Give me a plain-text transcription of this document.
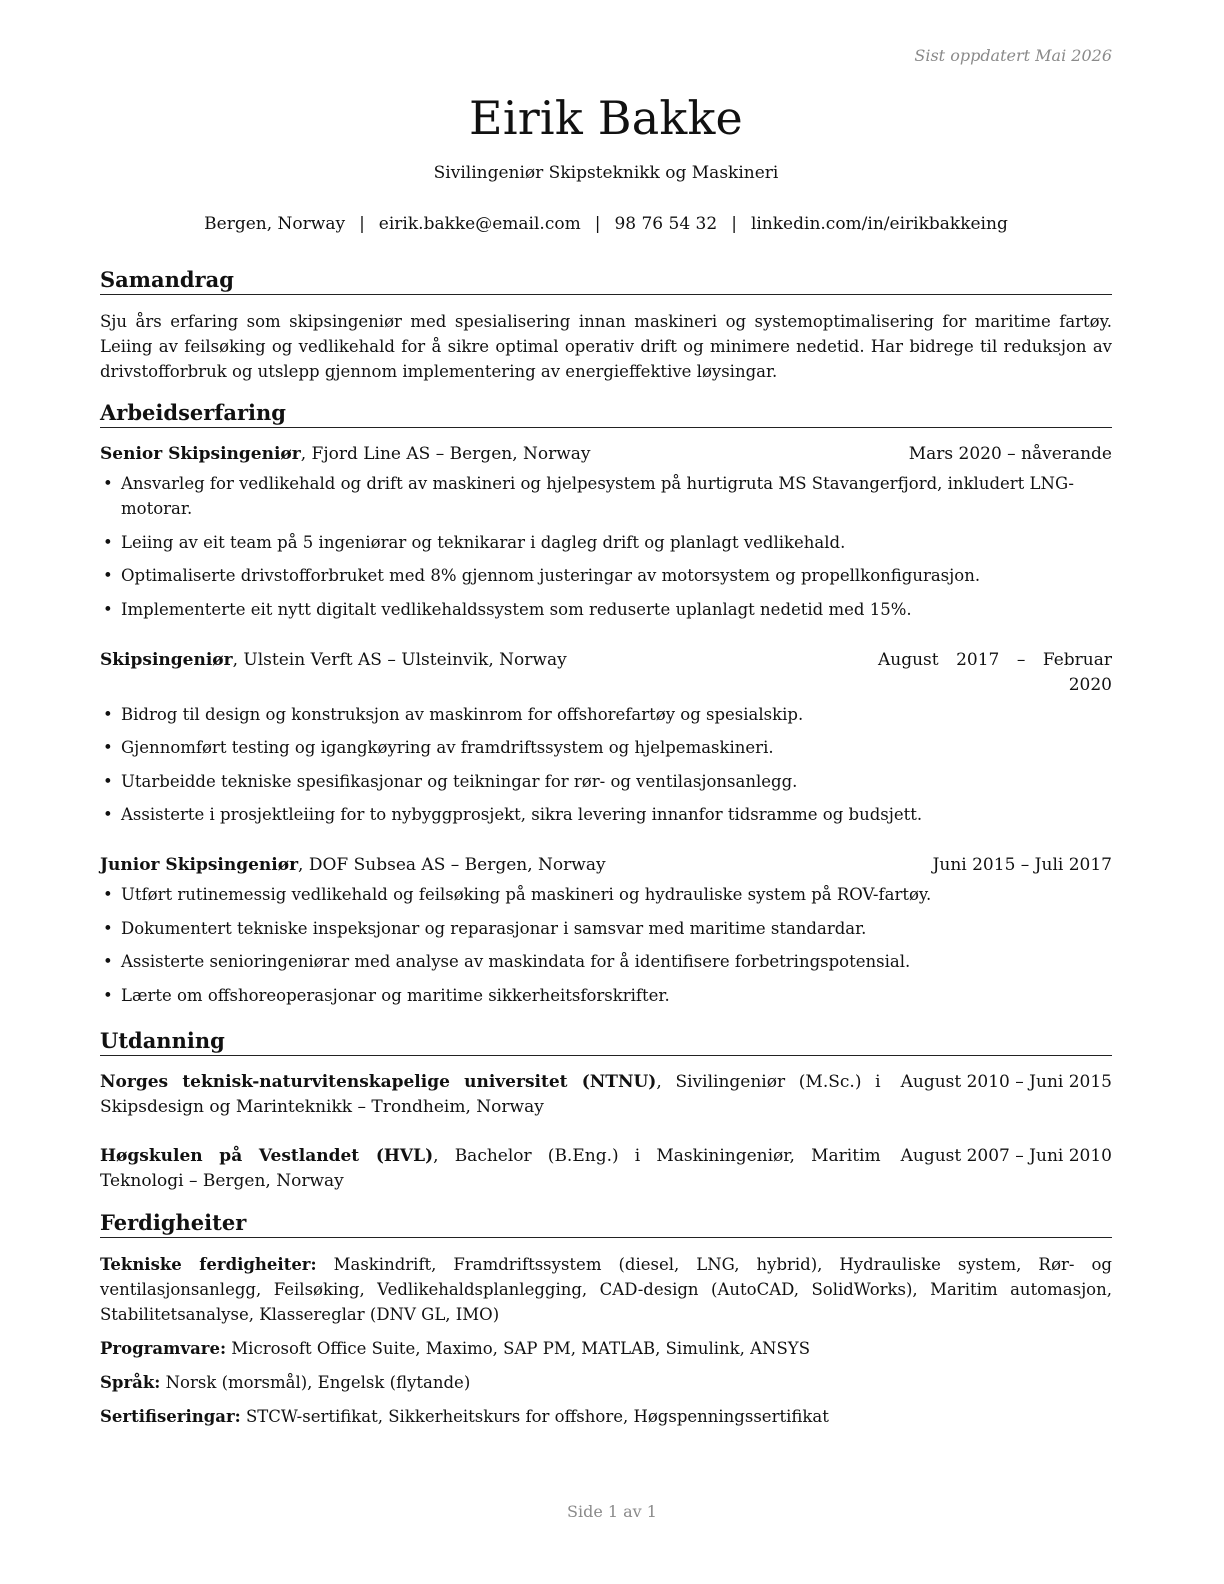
Sist oppdatert Mai 2026
Eirik Bakke
Sivilingeniør Skipsteknikk og Maskineri
Bergen, Norway | eirik.bakke@email.com | 98 76 54 32 | linkedin.com/in/eirikbakkeing
Samandrag
Sju års erfaring som skipsingeniør med spesialisering innan maskineri og systemoptimalisering for maritime fartøy. Leiing av feilsøking og vedlikehald for å sikre optimal operativ drift og minimere nedetid. Har bidrege til reduksjon av drivstofforbruk og utslepp gjennom implementering av energieffektive løysingar.
Arbeidserfaring
Senior Skipsingeniør, Fjord Line AS – Bergen, Norway	Mars 2020 – nåverande
• Ansvarleg for vedlikehald og drift av maskineri og hjelpesystem på hurtigruta MS Stavangerfjord, inkludert LNG-motorar.
• Leiing av eit team på 5 ingeniørar og teknikarar i dagleg drift og planlagt vedlikehald.
• Optimaliserte drivstofforbruket med 8% gjennom justeringar av motorsystem og propellkonfigurasjon.
• Implementerte eit nytt digitalt vedlikehaldssystem som reduserte uplanlagt nedetid med 15%.
Skipsingeniør, Ulstein Verft AS – Ulsteinvik, Norway	August 2017 – Februar 2020
• Bidrog til design og konstruksjon av maskinrom for offshorefartøy og spesialskip.
• Gjennomført testing og igangkøyring av framdriftssystem og hjelpemaskineri.
• Utarbeidde tekniske spesifikasjonar og teikningar for rør- og ventilasjonsanlegg.
• Assisterte i prosjektleiing for to nybyggprosjekt, sikra levering innanfor tidsramme og budsjett.
Junior Skipsingeniør, DOF Subsea AS – Bergen, Norway	Juni 2015 – Juli 2017
• Utført rutinemessig vedlikehald og feilsøking på maskineri og hydrauliske system på ROV-fartøy.
• Dokumentert tekniske inspeksjonar og reparasjonar i samsvar med maritime standardar.
• Assisterte senioringeniørar med analyse av maskindata for å identifisere forbetringspotensial.
• Lærte om offshoreoperasjonar og maritime sikkerheitsforskrifter.
Utdanning
Norges teknisk-naturvitenskapelige universitet (NTNU), Sivilingeniør (M.Sc.) i Skipsdesign og Marinteknikk – Trondheim, Norway
August 2010 – Juni 2015
Høgskulen på Vestlandet (HVL), Bachelor (B.Eng.) i Maskiningeniør, Maritim Teknologi – Bergen, Norway
August 2007 – Juni 2010
Ferdigheiter

Tekniske ferdigheiter: Maskindrift, Framdriftssystem (diesel, LNG, hybrid), Hydrauliske system, Rør- og ventilasjonsanlegg, Feilsøking, Vedlikehaldsplanlegging, CAD-design (AutoCAD, SolidWorks), Maritim automasjon, Stabilitetsanalyse, Klassereglar (DNV GL, IMO)

Programvare: Microsoft Office Suite, Maximo, SAP PM, MATLAB, Simulink, ANSYS

Språk: Norsk (morsmål), Engelsk (flytande)

Sertifiseringar: STCW-sertifikat, Sikkerheitskurs for offshore, Høgspenningssertifikat

Side 1 av 1
